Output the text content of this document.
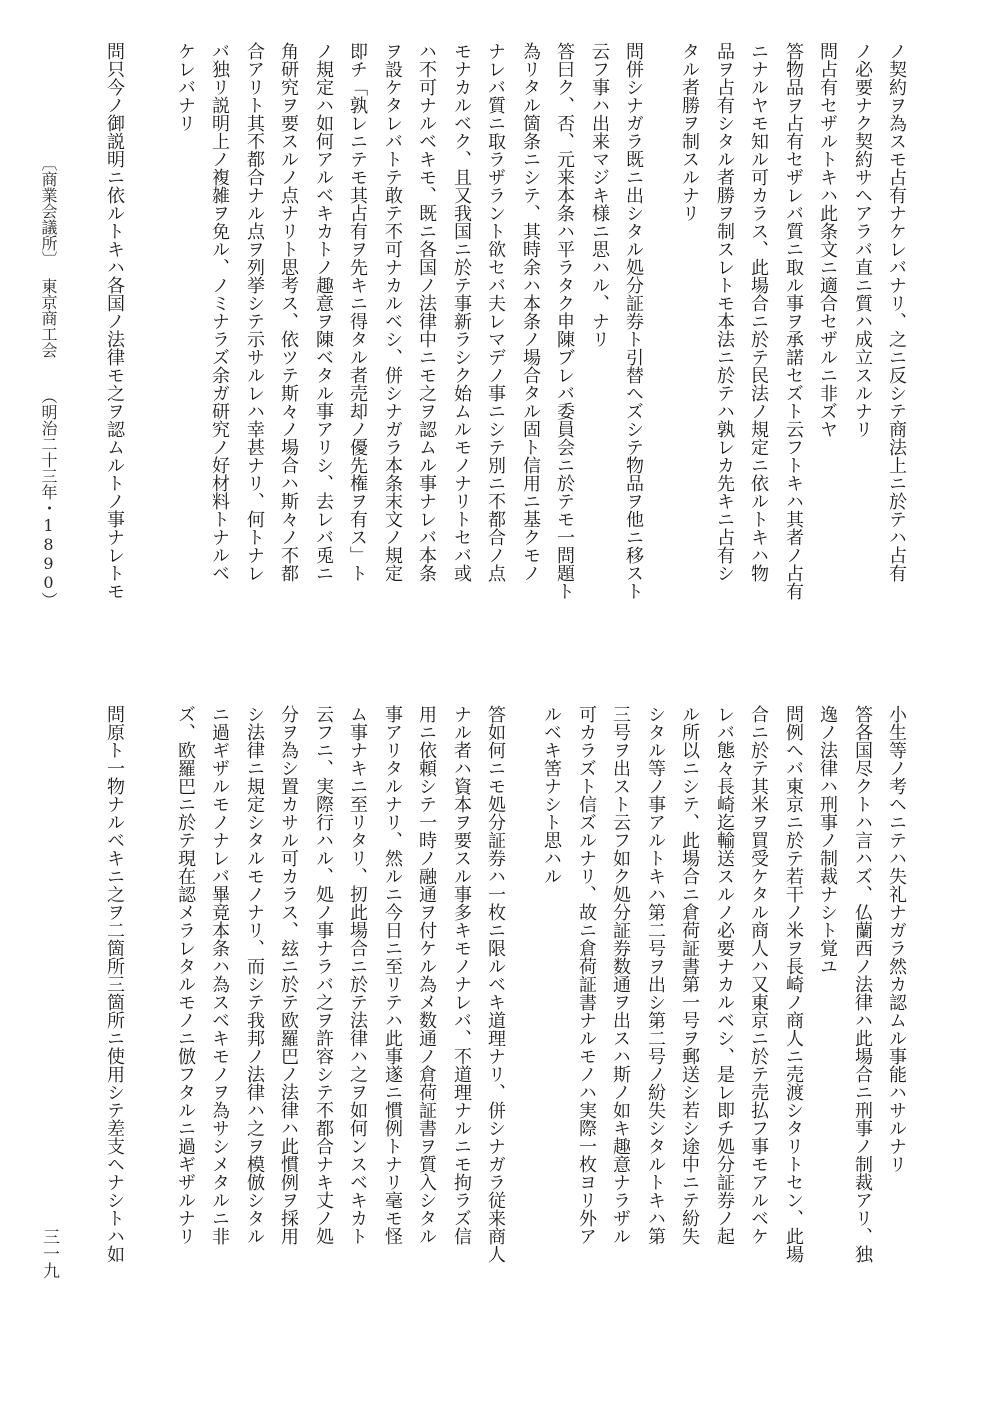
ノ契約ヲ為スモ占有ナケレバナリ、之ニ反シテ商法上ニ於テハ占有

ノ必要ナク契約サヘアラバ直ニ質ハ成立スルナリ

問占有セザルトキハ此条文ニ適合セザルニ非ズヤ

答物品ヲ占有セザレバ質ニ取ル事ヲ承諾セズト云フトキハ其者ノ占有

ニナルヤモ知ル可カラス、此場合ニ於テ民法ノ規定ニ依ルトキハ物

品ヲ占有シタル者勝ヲ制スレトモ本法ニ於テハ孰レカ先キニ占有シ

タル者勝ヲ制スルナリ

問併シナガラ既ニ出シタル処分証券ト引替ヘズシテ物品ヲ他ニ移スト

云フ事ハ出来マジキ様ニ思ハル、ナリ

答曰ク、否、元来本条ハ平ラタク申陳ブレバ委員会ニ於テモ一問題ト

為リタル箇条ニシテ、其時余ハ本条ノ場合タル固ト信用ニ基クモノ

ナレバ質ニ取ラザラント欲セバ夫レマデノ事ニシテ別ニ不都合ノ点

モナカルベク、且又我国ニ於テ事新ラシク始ムルモノナリトセバ或

ハ不可ナルベキモ、既ニ各国ノ法律中ニモ之ヲ認ムル事ナレバ本条

ヲ設ケタレバトテ敢テ不可ナカルベシ、併シナガラ本条末文ノ規定

即チ「孰レニテモ其占有ヲ先キニ得タル者売却ノ優先権ヲ有ス」ト

ノ規定ハ如何アルベキカトノ趣意ヲ陳ベタル事アリシ、去レバ兎ニ

角研究ヲ要スルノ点ナリト思考ス、依ツテ斯々ノ場合ハ斯々ノ不都

合アリト其不都合ナル点ヲ列挙シテ示サルレハ幸甚ナリ、何トナレ

バ独リ説明上ノ複雑ヲ免ル、ノミナラズ余ガ研究ノ好材料トナルベ

ケレバナリ

問只今ノ御説明ニ依ルトキハ各国ノ法律モ之ヲ認ムルトノ事ナレトモ

小生等ノ考ヘニテハ失礼ナガラ然カ認ムル事能ハサルナリ

答各国尽クトハ言ハズ、仏蘭西ノ法律ハ此場合ニ刑事ノ制裁アリ、独

逸ノ法律ハ刑事ノ制裁ナシト覚ユ

問例ヘバ東京ニ於テ若干ノ米ヲ長崎ノ商人ニ売渡シタリトセン、此場

合ニ於テ其米ヲ買受ケタル商人ハ又東京ニ於テ売払フ事モアルベケ

レバ態々長崎迄輸送スルノ必要ナカルベシ、是レ即チ処分証券ノ起

ル所以ニシテ、此場合ニ倉荷証書第一号ヲ郵送シ若シ途中ニテ紛失

シタル等ノ事アルトキハ第二号ヲ出シ第二号ノ紛失シタルトキハ第

三号ヲ出スト云フ如ク処分証券数通ヲ出スハ斯ノ如キ趣意ナラザル

可カラズト信ズルナリ、故ニ倉荷証書ナルモノハ実際一枚ヨリ外ア

ルベキ筈ナシト思ハル

答如何ニモ処分証券ハ一枚ニ限ルベキ道理ナリ、併シナガラ従来商人

ナル者ハ資本ヲ要スル事多キモノナレバ、不道理ナルニモ拘ラズ信

用ニ依頼シテ一時ノ融通ヲ付ケル為メ数通ノ倉荷証書ヲ質入シタル

事アリタルナリ、然ルニ今日ニ至リテハ此事遂ニ慣例トナリ毫モ怪

ム事ナキニ至リタリ、扨此場合ニ於テ法律ハ之ヲ如何ンスベキカト

云フニ、実際行ハル、処ノ事ナラバ之ヲ許容シテ不都合ナキ丈ノ処

分ヲ為シ置カサル可カラス、玆ニ於テ欧羅巴ノ法律ハ此慣例ヲ採用

シ法律ニ規定シタルモノナリ、而シテ我邦ノ法律ハ之ヲ模倣シタル

ニ過ギザルモノナレバ畢竟本条ハ為スベキモノヲ為サシメタルニ非

ズ、欧羅巴ニ於テ現在認メラレタルモノニ倣フタルニ過ギザルナリ

問原ト一物ナルベキニ之ヲ二箇所三箇所ニ使用シテ差支ヘナシトハ如

〔商業会議所〕

東京商工会

（明治二十三年・1890）

三一九
